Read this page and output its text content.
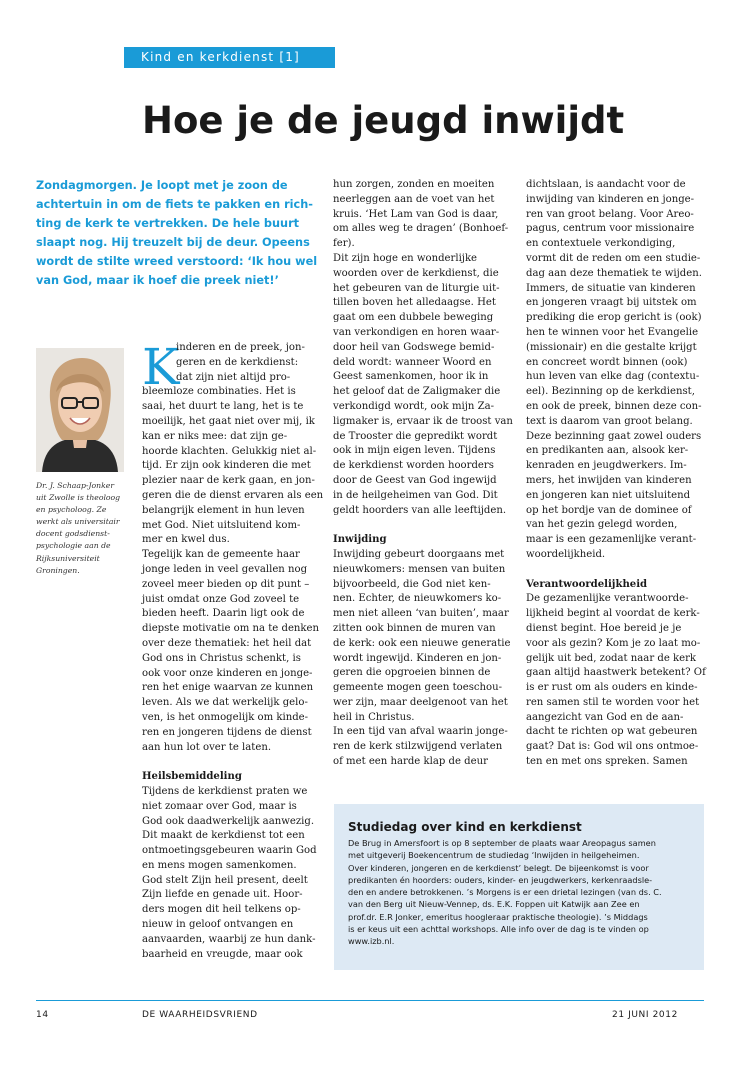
Kind en kerkdienst [1]
Hoe je de jeugd inwijdt

Zondagmorgen. Je loopt met je zoon de

achtertuin in om de fiets te pakken en rich-

ting de kerk te vertrekken. De hele buurt

slaapt nog. Hij treuzelt bij de deur. Opeens

wordt de stilte wreed verstoord: ‘Ik hou wel

van God, maar ik hoef die preek niet!’

Dr. J. Schaap-Jonker

uit Zwolle is theoloog

en psycholoog. Ze

werkt als universitair

docent godsdienst-

psychologie aan de

Rijksuniversiteit

Groningen.

K

inderen en de preek, jon-

geren en de kerkdienst:

dat zijn niet altijd pro-

bleemloze combinaties. Het is

saai, het duurt te lang, het is te

moeilijk, het gaat niet over mij, ik

kan er niks mee: dat zijn ge-

hoorde klachten. Gelukkig niet al-

tijd. Er zijn ook kinderen die met

plezier naar de kerk gaan, en jon-

geren die de dienst ervaren als een

belangrijk element in hun leven

met God. Niet uitsluitend kom-

mer en kwel dus.

Tegelijk kan de gemeente haar

jonge leden in veel gevallen nog

zoveel meer bieden op dit punt –

juist omdat onze God zoveel te

bieden heeft. Daarin ligt ook de

diepste motivatie om na te denken

over deze thematiek: het heil dat

God ons in Christus schenkt, is

ook voor onze kinderen en jonge-

ren het enige waarvan ze kunnen

leven. Als we dat werkelijk gelo-

ven, is het onmogelijk om kinde-

ren en jongeren tijdens de dienst

aan hun lot over te laten.

Heilsbemiddeling

Tijdens de kerkdienst praten we

niet zomaar over God, maar is

God ook daadwerkelijk aanwezig.

Dit maakt de kerkdienst tot een

ontmoetingsgebeuren waarin God

en mens mogen samenkomen.

God stelt Zijn heil present, deelt

Zijn liefde en genade uit. Hoor-

ders mogen dit heil telkens op-

nieuw in geloof ontvangen en

aanvaarden, waarbij ze hun dank-

baarheid en vreugde, maar ook

hun zorgen, zonden en moeiten

neerleggen aan de voet van het

kruis. ‘Het Lam van God is daar,

om alles weg te dragen’ (Bonhoef-

fer).

Dit zijn hoge en wonderlijke

woorden over de kerkdienst, die

het gebeuren van de liturgie uit-

tillen boven het alledaagse. Het

gaat om een dubbele beweging

van verkondigen en horen waar-

door heil van Godswege bemid-

deld wordt: wanneer Woord en

Geest samenkomen, hoor ik in

het geloof dat de Zaligmaker die

verkondigd wordt, ook mijn Za-

ligmaker is, ervaar ik de troost van

de Trooster die gepredikt wordt

ook in mijn eigen leven. Tijdens

de kerkdienst worden hoorders

door de Geest van God ingewijd

in de heilgeheimen van God. Dit

geldt hoorders van alle leeftijden.

Inwijding

Inwijding gebeurt doorgaans met

nieuwkomers: mensen van buiten

bijvoorbeeld, die God niet ken-

nen. Echter, de nieuwkomers ko-

men niet alleen ‘van buiten’, maar

zitten ook binnen de muren van

de kerk: ook een nieuwe generatie

wordt ingewijd. Kinderen en jon-

geren die opgroeien binnen de

gemeente mogen geen toeschou-

wer zijn, maar deelgenoot van het

heil in Christus.

In een tijd van afval waarin jonge-

ren de kerk stilzwijgend verlaten

of met een harde klap de deur

dichtslaan, is aandacht voor de

inwijding van kinderen en jonge-

ren van groot belang. Voor Areo-

pagus, centrum voor missionaire

en contextuele verkondiging,

vormt dit de reden om een studie-

dag aan deze thematiek te wijden.

Immers, de situatie van kinderen

en jongeren vraagt bij uitstek om

prediking die erop gericht is (ook)

hen te winnen voor het Evangelie

(missionair) en die gestalte krijgt

en concreet wordt binnen (ook)

hun leven van elke dag (contextu-

eel). Bezinning op de kerkdienst,

en ook de preek, binnen deze con-

text is daarom van groot belang.

Deze bezinning gaat zowel ouders

en predikanten aan, alsook ker-

kenraden en jeugdwerkers. Im-

mers, het inwijden van kinderen

en jongeren kan niet uitsluitend

op het bordje van de dominee of

van het gezin gelegd worden,

maar is een gezamenlijke verant-

woordelijkheid.

Verantwoordelijkheid

De gezamenlijke verantwoorde-

lijkheid begint al voordat de kerk-

dienst begint. Hoe bereid je je

voor als gezin? Kom je zo laat mo-

gelijk uit bed, zodat naar de kerk

gaan altijd haastwerk betekent? Of

is er rust om als ouders en kinde-

ren samen stil te worden voor het

aangezicht van God en de aan-

dacht te richten op wat gebeuren

gaat? Dat is: God wil ons ontmoe-

ten en met ons spreken. Samen

Studiedag over kind en kerkdienst

De Brug in Amersfoort is op 8 september de plaats waar Areopagus samen

met uitgeverij Boekencentrum de studiedag ‘Inwijden in heilgeheimen.

Over kinderen, jongeren en de kerkdienst’ belegt. De bijeenkomst is voor

predikanten én hoorders: ouders, kinder- en jeugdwerkers, kerkenraadsle-

den en andere betrokkenen. ’s Morgens is er een drietal lezingen (van ds. C.

van den Berg uit Nieuw-Vennep, ds. E.K. Foppen uit Katwijk aan Zee en

prof.dr. E.R Jonker, emeritus hoogleraar praktische theologie). ’s Middags

is er keus uit een achttal workshops. Alle info over de dag is te vinden op

www.izb.nl.

14	DE WAARHEIDSVRIEND	21 JUNI 2012
